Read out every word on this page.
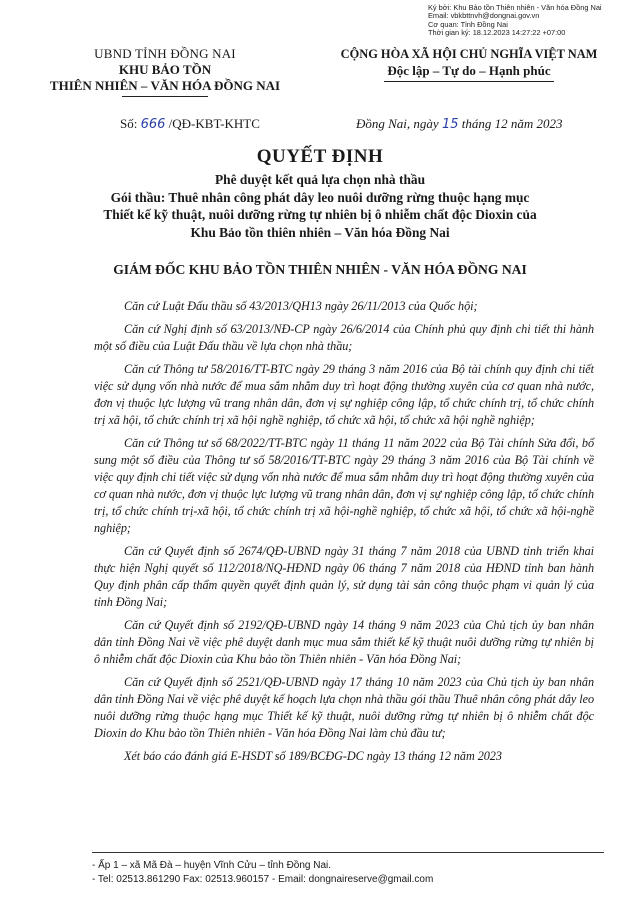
Ký bởi: Khu Bảo tồn Thiên nhiên - Văn hóa Đồng Nai
Email: vbkbttnvh@dongnai.gov.vn
Cơ quan: Tỉnh Đồng Nai
Thời gian ký: 18.12.2023 14:27:22 +07:00
UBND TỈNH ĐỒNG NAI
KHU BẢO TỒN
THIÊN NHIÊN – VĂN HÓA ĐỒNG NAI
CỘNG HÒA XÃ HỘI CHỦ NGHĨA VIỆT NAM
Độc lập – Tự do – Hạnh phúc
Số: 666 /QĐ-KBT-KHTC	Đồng Nai, ngày 15 tháng 12 năm 2023
QUYẾT ĐỊNH
Phê duyệt kết quả lựa chọn nhà thầu
Gói thầu: Thuê nhân công phát dây leo nuôi dưỡng rừng thuộc hạng mục
Thiết kế kỹ thuật, nuôi dưỡng rừng tự nhiên bị ô nhiễm chất độc Dioxin của
Khu Bảo tồn thiên nhiên – Văn hóa Đồng Nai
GIÁM ĐỐC KHU BẢO TỒN THIÊN NHIÊN - VĂN HÓA ĐỒNG NAI

Căn cứ Luật Đấu thầu số 43/2013/QH13 ngày 26/11/2013 của Quốc hội;

Căn cứ Nghị định số 63/2013/NĐ-CP ngày 26/6/2014 của Chính phủ quy định chi tiết thi hành một số điều của Luật Đấu thầu về lựa chọn nhà thầu;

Căn cứ Thông tư 58/2016/TT-BTC ngày 29 tháng 3 năm 2016 của Bộ tài chính quy định chi tiết việc sử dụng vốn nhà nước để mua sắm nhằm duy trì hoạt động thường xuyên của cơ quan nhà nước, đơn vị thuộc lực lượng vũ trang nhân dân, đơn vị sự nghiệp công lập, tổ chức chính trị, tổ chức chính trị xã hội, tổ chức chính trị xã hội nghề nghiệp, tổ chức xã hội, tổ chức xã hội nghề nghiệp;

Căn cứ Thông tư số 68/2022/TT-BTC ngày 11 tháng 11 năm 2022 của Bộ Tài chính Sửa đổi, bổ sung một số điều của Thông tư số 58/2016/TT-BTC ngày 29 tháng 3 năm 2016 của Bộ Tài chính về việc quy định chi tiết việc sử dụng vốn nhà nước để mua sắm nhằm duy trì hoạt động thường xuyên của cơ quan nhà nước, đơn vị thuộc lực lượng vũ trang nhân dân, đơn vị sự nghiệp công lập, tổ chức chính trị, tổ chức chính trị-xã hội, tổ chức chính trị xã hội-nghề nghiệp, tổ chức xã hội, tổ chức xã hội-nghề nghiệp;

Căn cứ Quyết định số 2674/QĐ-UBND ngày 31 tháng 7 năm 2018 của UBND tỉnh triển khai thực hiện Nghị quyết số 112/2018/NQ-HĐND ngày 06 tháng 7 năm 2018 của HĐND tỉnh ban hành Quy định phân cấp thẩm quyền quyết định quản lý, sử dụng tài sản công thuộc phạm vi quản lý của tỉnh Đồng Nai;

Căn cứ Quyết định số 2192/QĐ-UBND ngày 14 tháng 9 năm 2023 của Chủ tịch ủy ban nhân dân tỉnh Đồng Nai về việc phê duyệt danh mục mua sắm thiết kế kỹ thuật nuôi dưỡng rừng tự nhiên bị ô nhiễm chất độc Dioxin của Khu bảo tồn Thiên nhiên - Văn hóa Đồng Nai;

Căn cứ Quyết định số 2521/QĐ-UBND ngày 17 tháng 10 năm 2023 của Chủ tịch ủy ban nhân dân tỉnh Đồng Nai về việc phê duyệt kế hoạch lựa chọn nhà thầu gói thầu Thuê nhân công phát dây leo nuôi dưỡng rừng thuộc hạng mục Thiết kế kỹ thuật, nuôi dưỡng rừng tự nhiên bị ô nhiễm chất độc Dioxin do Khu bảo tồn Thiên nhiên - Văn hóa Đồng Nai làm chủ đầu tư;

Xét báo cáo đánh giá E-HSDT số 189/BCĐG-DC ngày 13 tháng 12 năm 2023

- Ấp 1 – xã Mã Đà – huyện Vĩnh Cửu – tỉnh Đồng Nai.
- Tel: 02513.861290 Fax: 02513.960157 - Email: dongnaireserve@gmail.com
